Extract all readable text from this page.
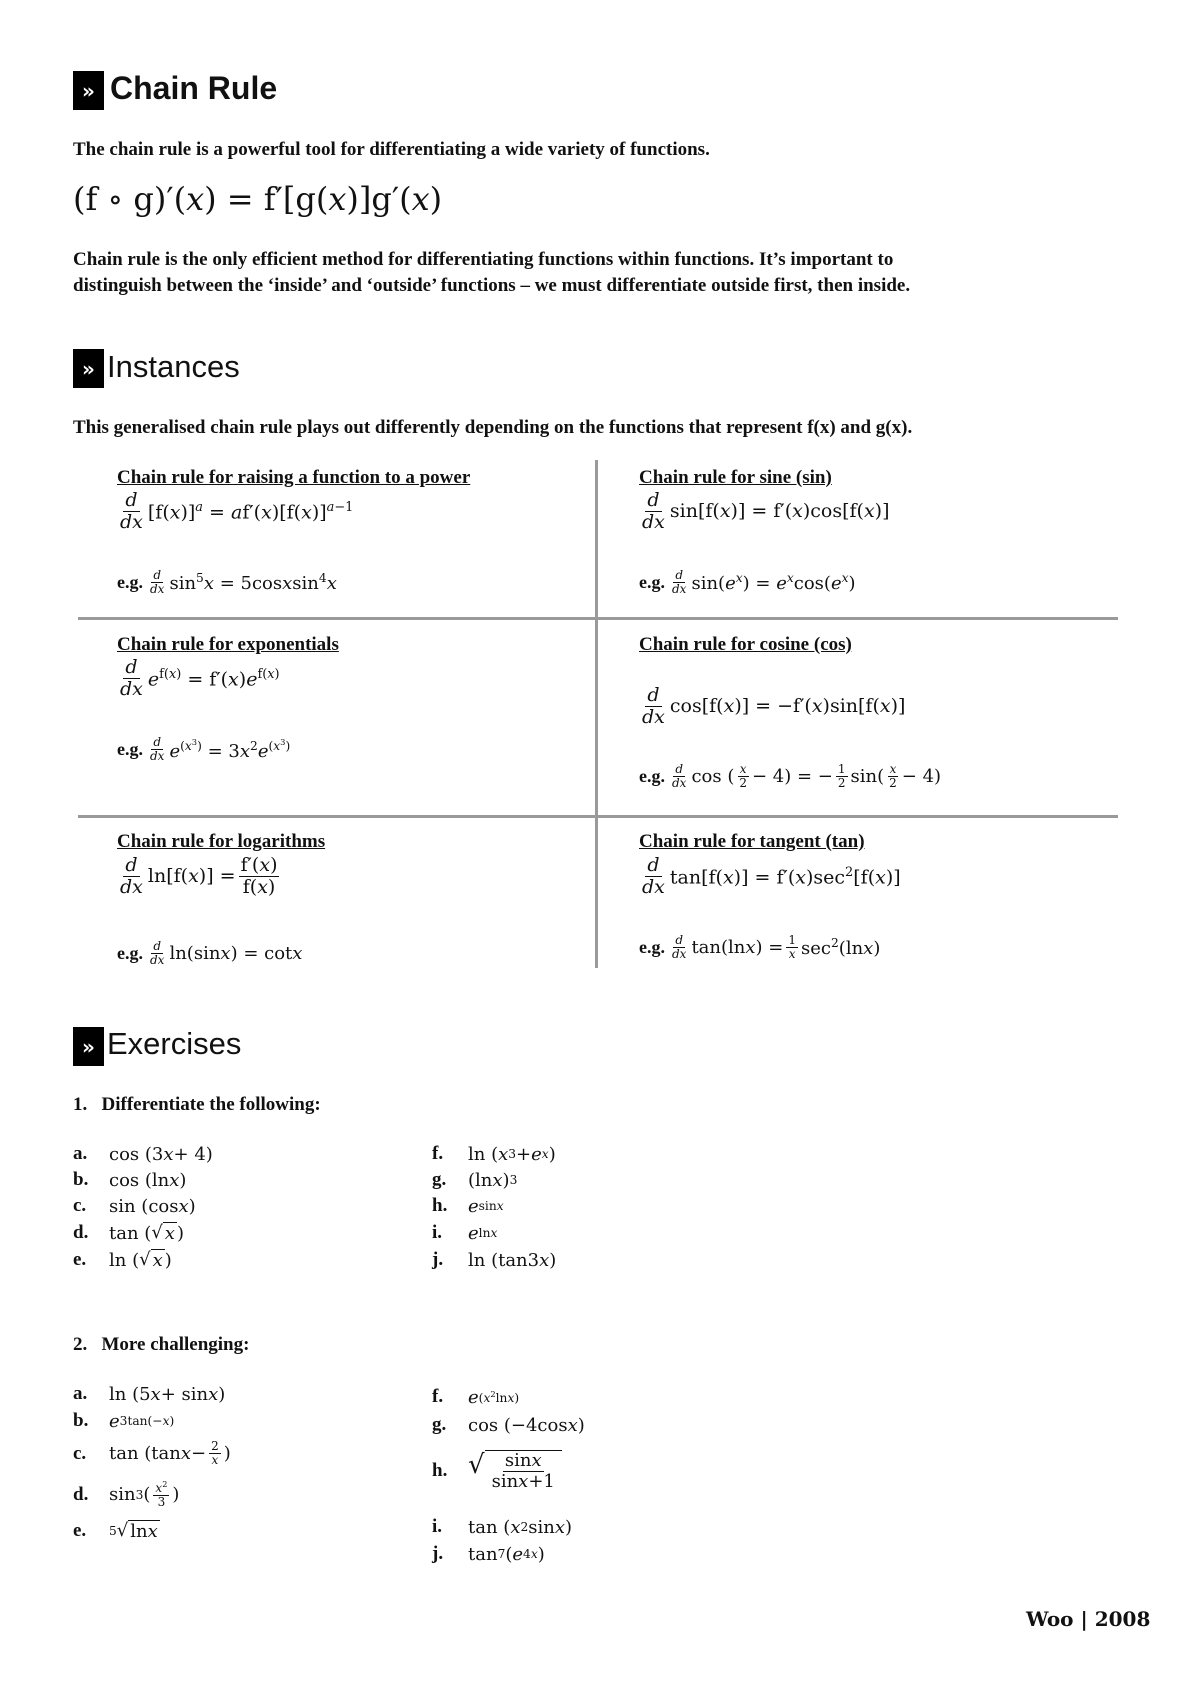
» Chain Rule
The chain rule is a powerful tool for differentiating a wide variety of functions.
(f ∘ g)′(x) = f′[g(x)]g′(x)
Chain rule is the only efficient method for differentiating functions within functions. It’s important to
distinguish between the ‘inside’ and ‘outside’ functions – we must differentiate outside first, then inside.
» Instances
This generalised chain rule plays out differently depending on the functions that represent f(x) and g(x).
Chain rule for raising a function to a power
$\frac{d}{dx} [f(x)]^a = af'(x)[f(x)]^{a-1}$
e.g. $\frac{d}{dx} \sin^5x$ = 5cosxsin$^4$x
Chain rule for sine (sin)
$\frac{d}{dx} \sin[f(x)] = f'(x)\cos[f(x)]$
e.g. $\frac{d}{dx} \sin(e^x) = e^x\cos(e^x)$
Chain rule for exponentials
$\frac{d}{dx} e^{f(x)} = f'(x)e^{f(x)}$
e.g. $\frac{d}{dx} e^{(x^3)} = 3x^2e^{(x^3)}$
Chain rule for cosine (cos)
$\frac{d}{dx} \cos[f(x)] = -f'(x)\sin[f(x)]$
e.g. $\frac{d}{dx}$ cos ( $\frac{x}{2} - 4$) = − $\frac{1}{2} \sin( \frac{x}{2} - 4)$
Chain rule for logarithms
$\frac{d}{dx} \ln[f(x)] = \frac{f'(x)}{f(x)}$
e.g. $\frac{d}{dx} \ln(\sin x) = \cot x$
Chain rule for tangent (tan)
$\frac{d}{dx} \tan[f(x)] = f'(x)\sec^2[f(x)]$
e.g. $\frac{d}{dx} \tan(\ln x) = \frac{1}{x} \sec^2(\ln x)$
» Exercises
1. Differentiate the following:
a.	cos (3 x + 4)
b.	cos (ln x )
c.	sin (cos x )
d.	tan ( √ x )
e.	ln ( √ x )
f.	ln ( x 3 + e x )
g.	(ln x ) 3
h.	e sinx
i.	e lnx
j.	ln (tan3 x )
2. More challenging:
a.	ln (5 x + sin x )
b.	e 3tan(−x)
c.	tan (tan $x - \frac{2}{x}$ )
d.	sin 3 ( $\frac{x^2}{3}$ )
e.	5 √ lnx
f.	e $(x^2\ln x)$
g.	cos (−4cos x )
h. √ $\frac{\sin x}{\sin x+1}$
i.	tan ( x 2 sin x )
j.	tan 7 ( e 4x )
Woo | 2008
